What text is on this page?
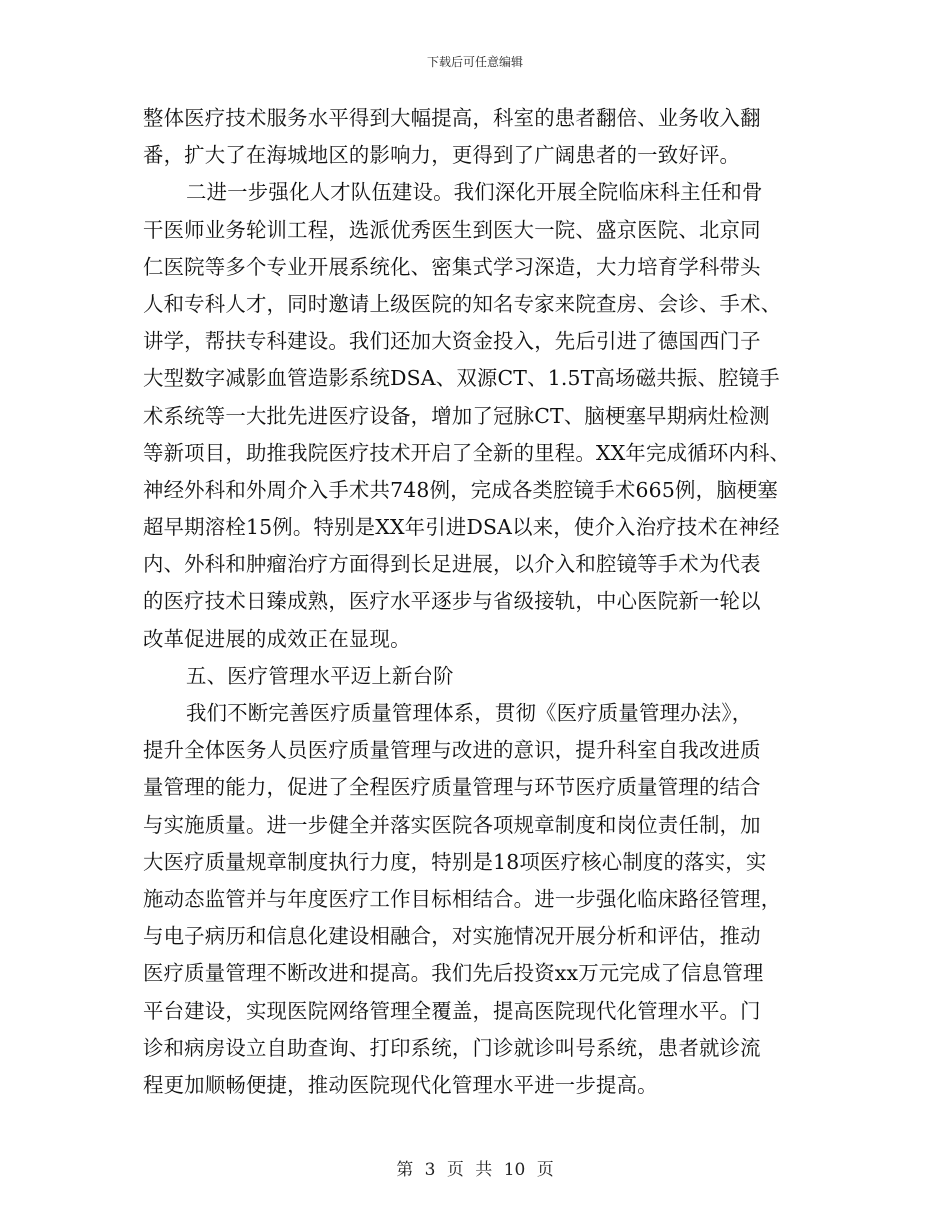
下载后可任意编辑
整体医疗技术服务水平得到大幅提高，科室的患者翻倍、业务收入翻
番，扩大了在海城地区的影响力，更得到了广阔患者的一致好评。
二进一步强化人才队伍建设。我们深化开展全院临床科主任和骨
干医师业务轮训工程，选派优秀医生到医大一院、盛京医院、北京同
仁医院等多个专业开展系统化、密集式学习深造，大力培育学科带头
人和专科人才，同时邀请上级医院的知名专家来院查房、会诊、手术、
讲学，帮扶专科建设。我们还加大资金投入，先后引进了德国西门子
大型数字减影血管造影系统DSA、双源CT、1.5T高场磁共振、腔镜手
术系统等一大批先进医疗设备，增加了冠脉CT、脑梗塞早期病灶检测
等新项目，助推我院医疗技术开启了全新的里程。XX年完成循环内科、
神经外科和外周介入手术共748例，完成各类腔镜手术665例，脑梗塞
超早期溶栓15例。特别是XX年引进DSA以来，使介入治疗技术在神经
内、外科和肿瘤治疗方面得到长足进展，以介入和腔镜等手术为代表
的医疗技术日臻成熟，医疗水平逐步与省级接轨，中心医院新一轮以
改革促进展的成效正在显现。
五、医疗管理水平迈上新台阶
我们不断完善医疗质量管理体系，贯彻《医疗质量管理办法》，
提升全体医务人员医疗质量管理与改进的意识，提升科室自我改进质
量管理的能力，促进了全程医疗质量管理与环节医疗质量管理的结合
与实施质量。进一步健全并落实医院各项规章制度和岗位责任制，加
大医疗质量规章制度执行力度，特别是18项医疗核心制度的落实，实
施动态监管并与年度医疗工作目标相结合。进一步强化临床路径管理，
与电子病历和信息化建设相融合，对实施情况开展分析和评估，推动
医疗质量管理不断改进和提高。我们先后投资xx万元完成了信息管理
平台建设，实现医院网络管理全覆盖，提高医院现代化管理水平。门
诊和病房设立自助查询、打印系统，门诊就诊叫号系统，患者就诊流
程更加顺畅便捷，推动医院现代化管理水平进一步提高。
第 3 页 共 10 页
